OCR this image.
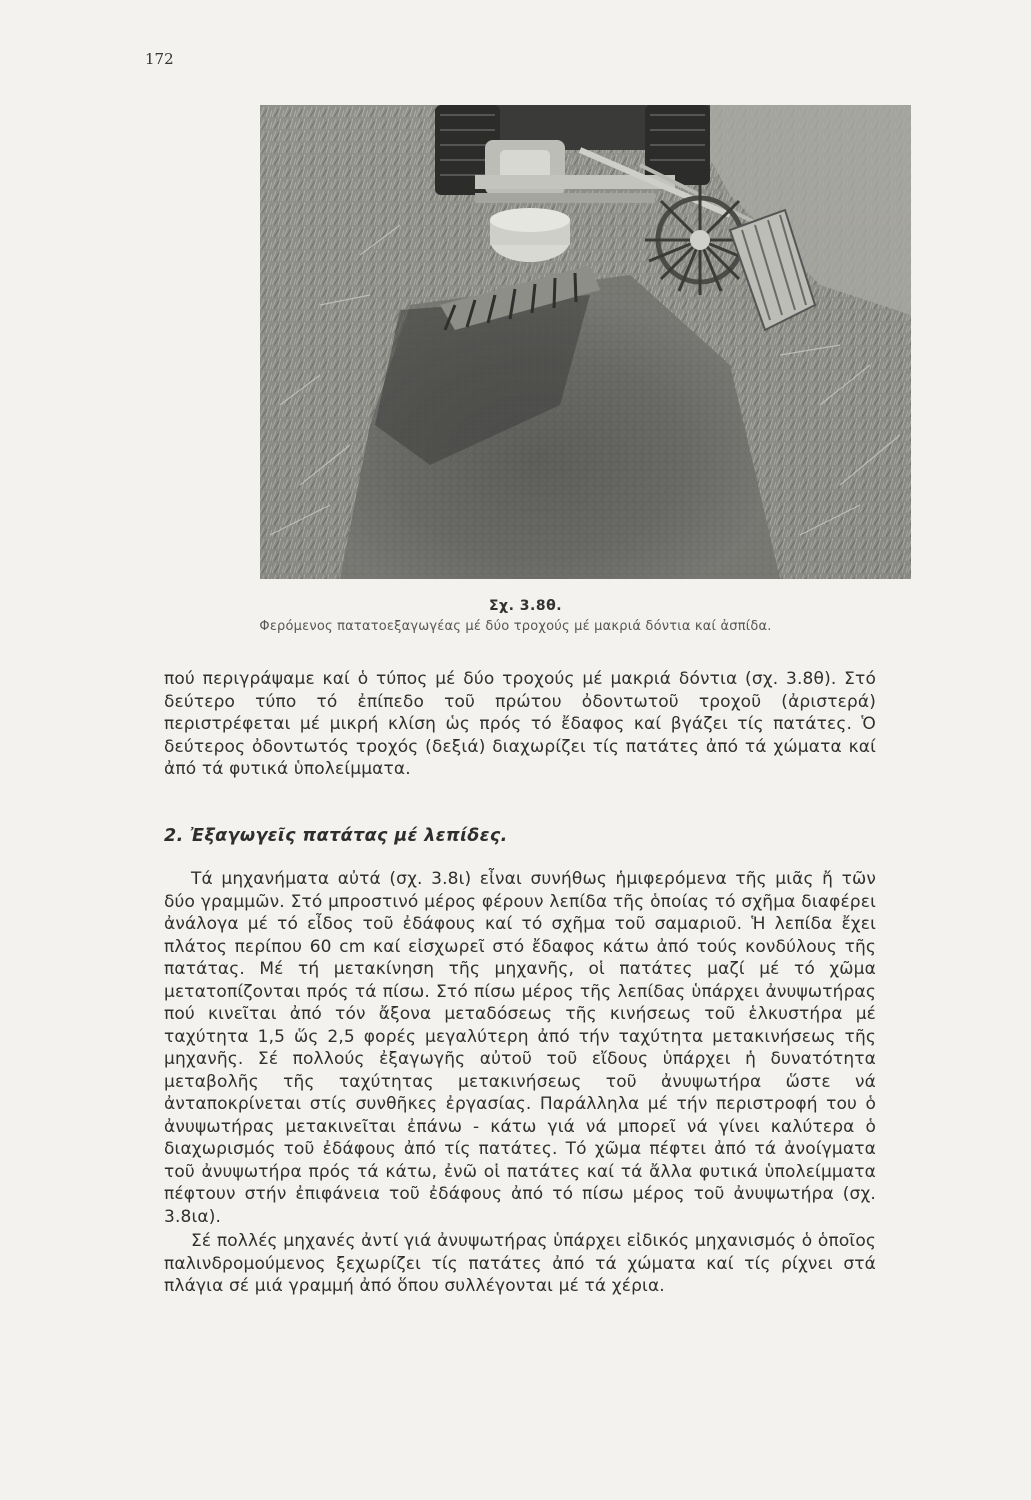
172
Σχ. 3.8θ.
Φερόμενος πατατοεξαγωγέας μέ δύο τροχούς μέ μακριά δόντια καί ἀσπίδα.

πού περιγράψαμε καί ὁ τύπος μέ δύο τροχούς μέ μακριά δόντια (σχ. 3.8θ). Στό δεύτερο τύπο τό ἐπίπεδο τοῦ πρώτου ὀδοντωτοῦ τροχοῦ (ἀριστερά) περιστρέφεται μέ μικρή κλίση ὡς πρός τό ἔδαφος καί βγάζει τίς πατάτες. Ὁ δεύτερος ὀδοντωτός τροχός (δεξιά) διαχωρίζει τίς πατάτες ἀπό τά χώματα καί ἀπό τά φυτικά ὑπολείμματα.

2. Ἐξαγωγεῖς πατάτας μέ λεπίδες.

Τά μηχανήματα αὐτά (σχ. 3.8ι) εἶναι συνήθως ἡμιφερόμενα τῆς μιᾶς ἤ τῶν δύο γραμμῶν. Στό μπροστινό μέρος φέρουν λεπίδα τῆς ὁποίας τό σχῆμα διαφέρει ἀνάλογα μέ τό εἶδος τοῦ ἐδάφους καί τό σχῆμα τοῦ σαμαριοῦ. Ἡ λεπίδα ἔχει πλάτος περίπου 60 cm καί εἰσχωρεῖ στό ἔδαφος κάτω ἀπό τούς κονδύλους τῆς πατάτας. Μέ τή μετακίνηση τῆς μηχανῆς, οἱ πατάτες μαζί μέ τό χῶμα μετατοπίζονται πρός τά πίσω. Στό πίσω μέρος τῆς λεπίδας ὑπάρχει ἀνυψωτήρας πού κινεῖται ἀπό τόν ἄξονα μεταδόσεως τῆς κινήσεως τοῦ ἑλκυστήρα μέ ταχύτητα 1,5 ὥς 2,5 φορές μεγαλύτερη ἀπό τήν ταχύτητα μετακινήσεως τῆς μηχανῆς. Σέ πολλούς ἐξαγωγῆς αὐτοῦ τοῦ εἴδους ὑπάρχει ἡ δυνατότητα μεταβολῆς τῆς ταχύτητας μετακινήσεως τοῦ ἀνυψωτήρα ὥστε νά ἀνταποκρίνεται στίς συνθῆκες ἐργασίας. Παράλληλα μέ τήν περιστροφή του ὁ ἀνυψωτήρας μετακινεῖται ἐπάνω - κάτω γιά νά μπορεῖ νά γίνει καλύτερα ὁ διαχωρισμός τοῦ ἐδάφους ἀπό τίς πατάτες. Τό χῶμα πέφτει ἀπό τά ἀνοίγματα τοῦ ἀνυψωτήρα πρός τά κάτω, ἐνῶ οἱ πατάτες καί τά ἄλλα φυτικά ὑπολείμματα πέφτουν στήν ἐπιφάνεια τοῦ ἐδάφους ἀπό τό πίσω μέρος τοῦ ἀνυψωτήρα (σχ. 3.8ια).

Σέ πολλές μηχανές ἀντί γιά ἀνυψωτήρας ὑπάρχει εἰδικός μηχανισμός ὁ ὁποῖος παλινδρομούμενος ξεχωρίζει τίς πατάτες ἀπό τά χώματα καί τίς ρίχνει στά πλάγια σέ μιά γραμμή ἀπό ὅπου συλλέγονται μέ τά χέρια.
